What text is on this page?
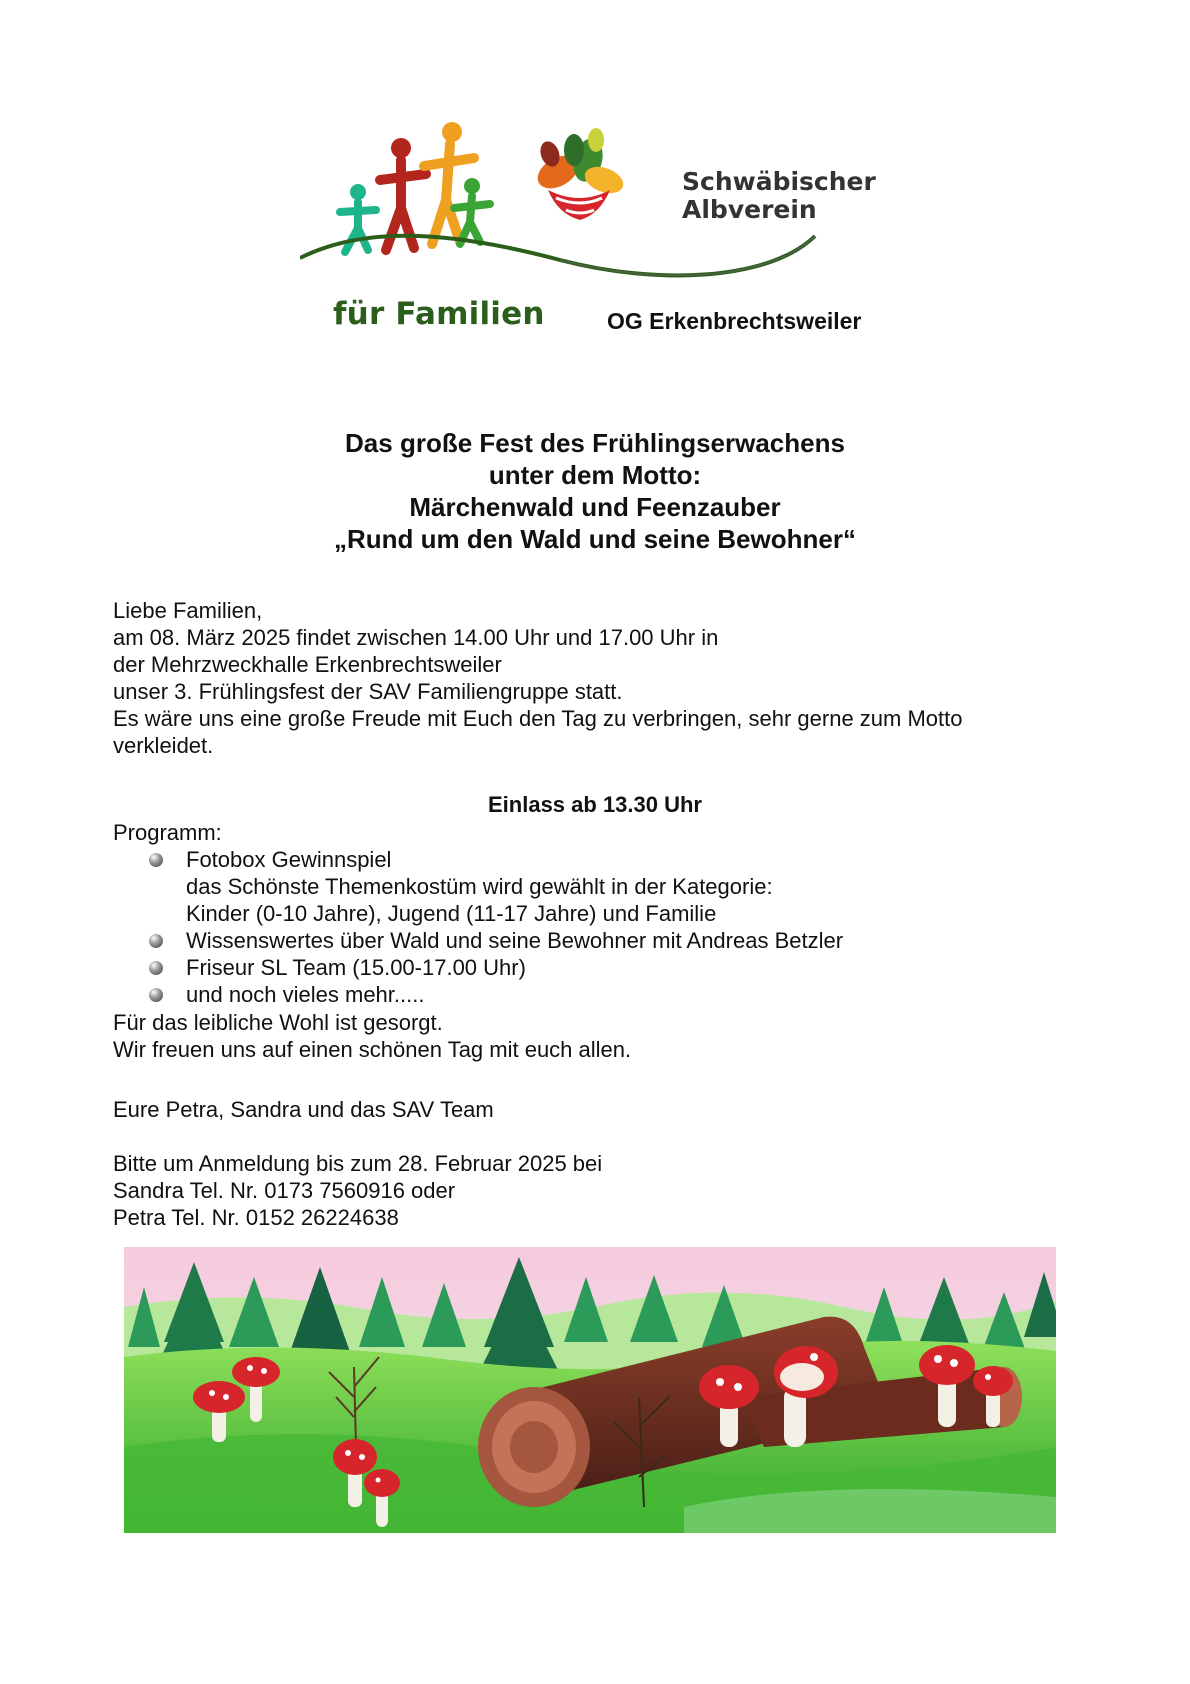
für Familien
Schwäbischer
Albverein
OG Erkenbrechtsweiler
Das große Fest des Frühlingserwachens
unter dem Motto:
Märchenwald und Feenzauber
„Rund um den Wald und seine Bewohner“
Liebe Familien,
am 08. März 2025 findet zwischen 14.00 Uhr und 17.00 Uhr in
der Mehrzweckhalle Erkenbrechtsweiler
unser 3. Frühlingsfest der SAV Familiengruppe statt.
Es wäre uns eine große Freude mit Euch den Tag zu verbringen, sehr gerne zum Motto
verkleidet.
Einlass ab 13.30 Uhr
Programm:
Fotobox Gewinnspiel
das Schönste Themenkostüm wird gewählt in der Kategorie:
Kinder (0-10 Jahre), Jugend (11-17 Jahre) und Familie
Wissenswertes über Wald und seine Bewohner mit Andreas Betzler
Friseur SL Team (15.00-17.00 Uhr)
und noch vieles mehr.....
Für das leibliche Wohl ist gesorgt.
Wir freuen uns auf einen schönen Tag mit euch allen.
Eure Petra, Sandra und das SAV Team
Bitte um Anmeldung bis zum 28. Februar 2025 bei
Sandra Tel. Nr. 0173 7560916 oder
Petra Tel. Nr. 0152 26224638
